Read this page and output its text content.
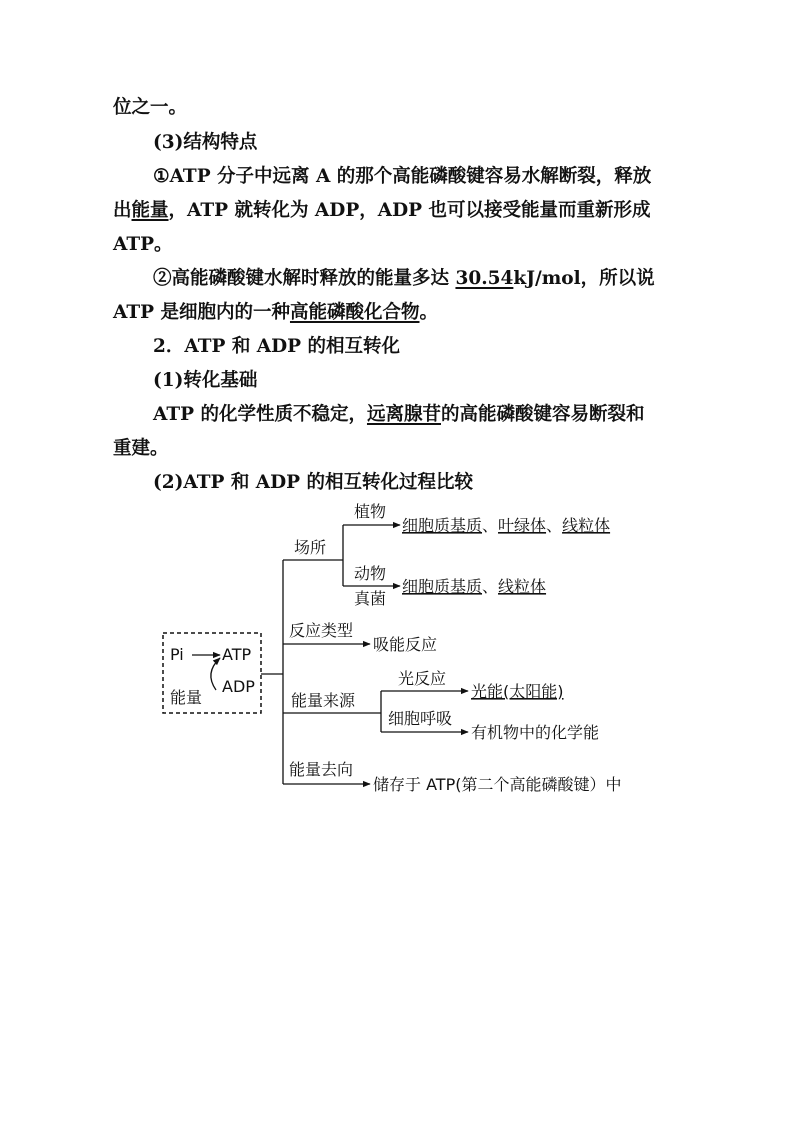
位之一。
(3)结构特点
①ATP 分子中远离 A 的那个高能磷酸键容易水解断裂，释放
出能量，ATP 就转化为 ADP，ADP 也可以接受能量而重新形成
ATP。
②高能磷酸键水解时释放的能量多达 30.54kJ/mol，所以说
ATP 是细胞内的一种高能磷酸化合物。
2．ATP 和 ADP 的相互转化
(1)转化基础
ATP 的化学性质不稳定，远离腺苷的高能磷酸键容易断裂和
重建。
(2)ATP 和 ADP 的相互转化过程比较
Pi ATP
ADP
能量
场所
植物
细胞质基质、叶绿体、线粒体
动物
真菌
细胞质基质、线粒体
反应类型
吸能反应
能量来源
光反应
光能(太阳能)
细胞呼吸
有机物中的化学能
能量去向
储存于 ATP(第二个高能磷酸键）中
